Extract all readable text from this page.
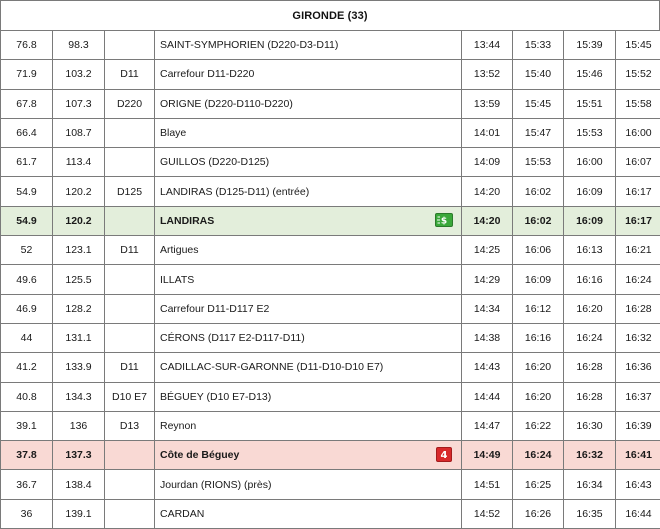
GIRONDE (33)
76.8	98.3		SAINT-SYMPHORIEN (D220-D3-D11)	13:44	15:33	15:39	15:45
71.9	103.2	D11	Carrefour D11-D220	13:52	15:40	15:46	15:52
67.8	107.3	D220	ORIGNE (D220-D110-D220)	13:59	15:45	15:51	15:58
66.4	108.7		Blaye	14:01	15:47	15:53	16:00
61.7	113.4		GUILLOS (D220-D125)	14:09	15:53	16:00	16:07
54.9	120.2	D125	LANDIRAS (D125-D11) (entrée)	14:20	16:02	16:09	16:17
54.9	120.2		LANDIRAS $	14:20	16:02	16:09	16:17
52	123.1	D11	Artigues	14:25	16:06	16:13	16:21
49.6	125.5		ILLATS	14:29	16:09	16:16	16:24
46.9	128.2		Carrefour D11-D117 E2	14:34	16:12	16:20	16:28
44	131.1		CÉRONS (D117 E2-D117-D11)	14:38	16:16	16:24	16:32
41.2	133.9	D11	CADILLAC-SUR-GARONNE (D11-D10-D10 E7)	14:43	16:20	16:28	16:36
40.8	134.3	D10 E7	BÉGUEY (D10 E7-D13)	14:44	16:20	16:28	16:37
39.1	136	D13	Reynon	14:47	16:22	16:30	16:39
37.8	137.3		Côte de Béguey 4	14:49	16:24	16:32	16:41
36.7	138.4		Jourdan (RIONS) (près)	14:51	16:25	16:34	16:43
36	139.1		CARDAN	14:52	16:26	16:35	16:44
